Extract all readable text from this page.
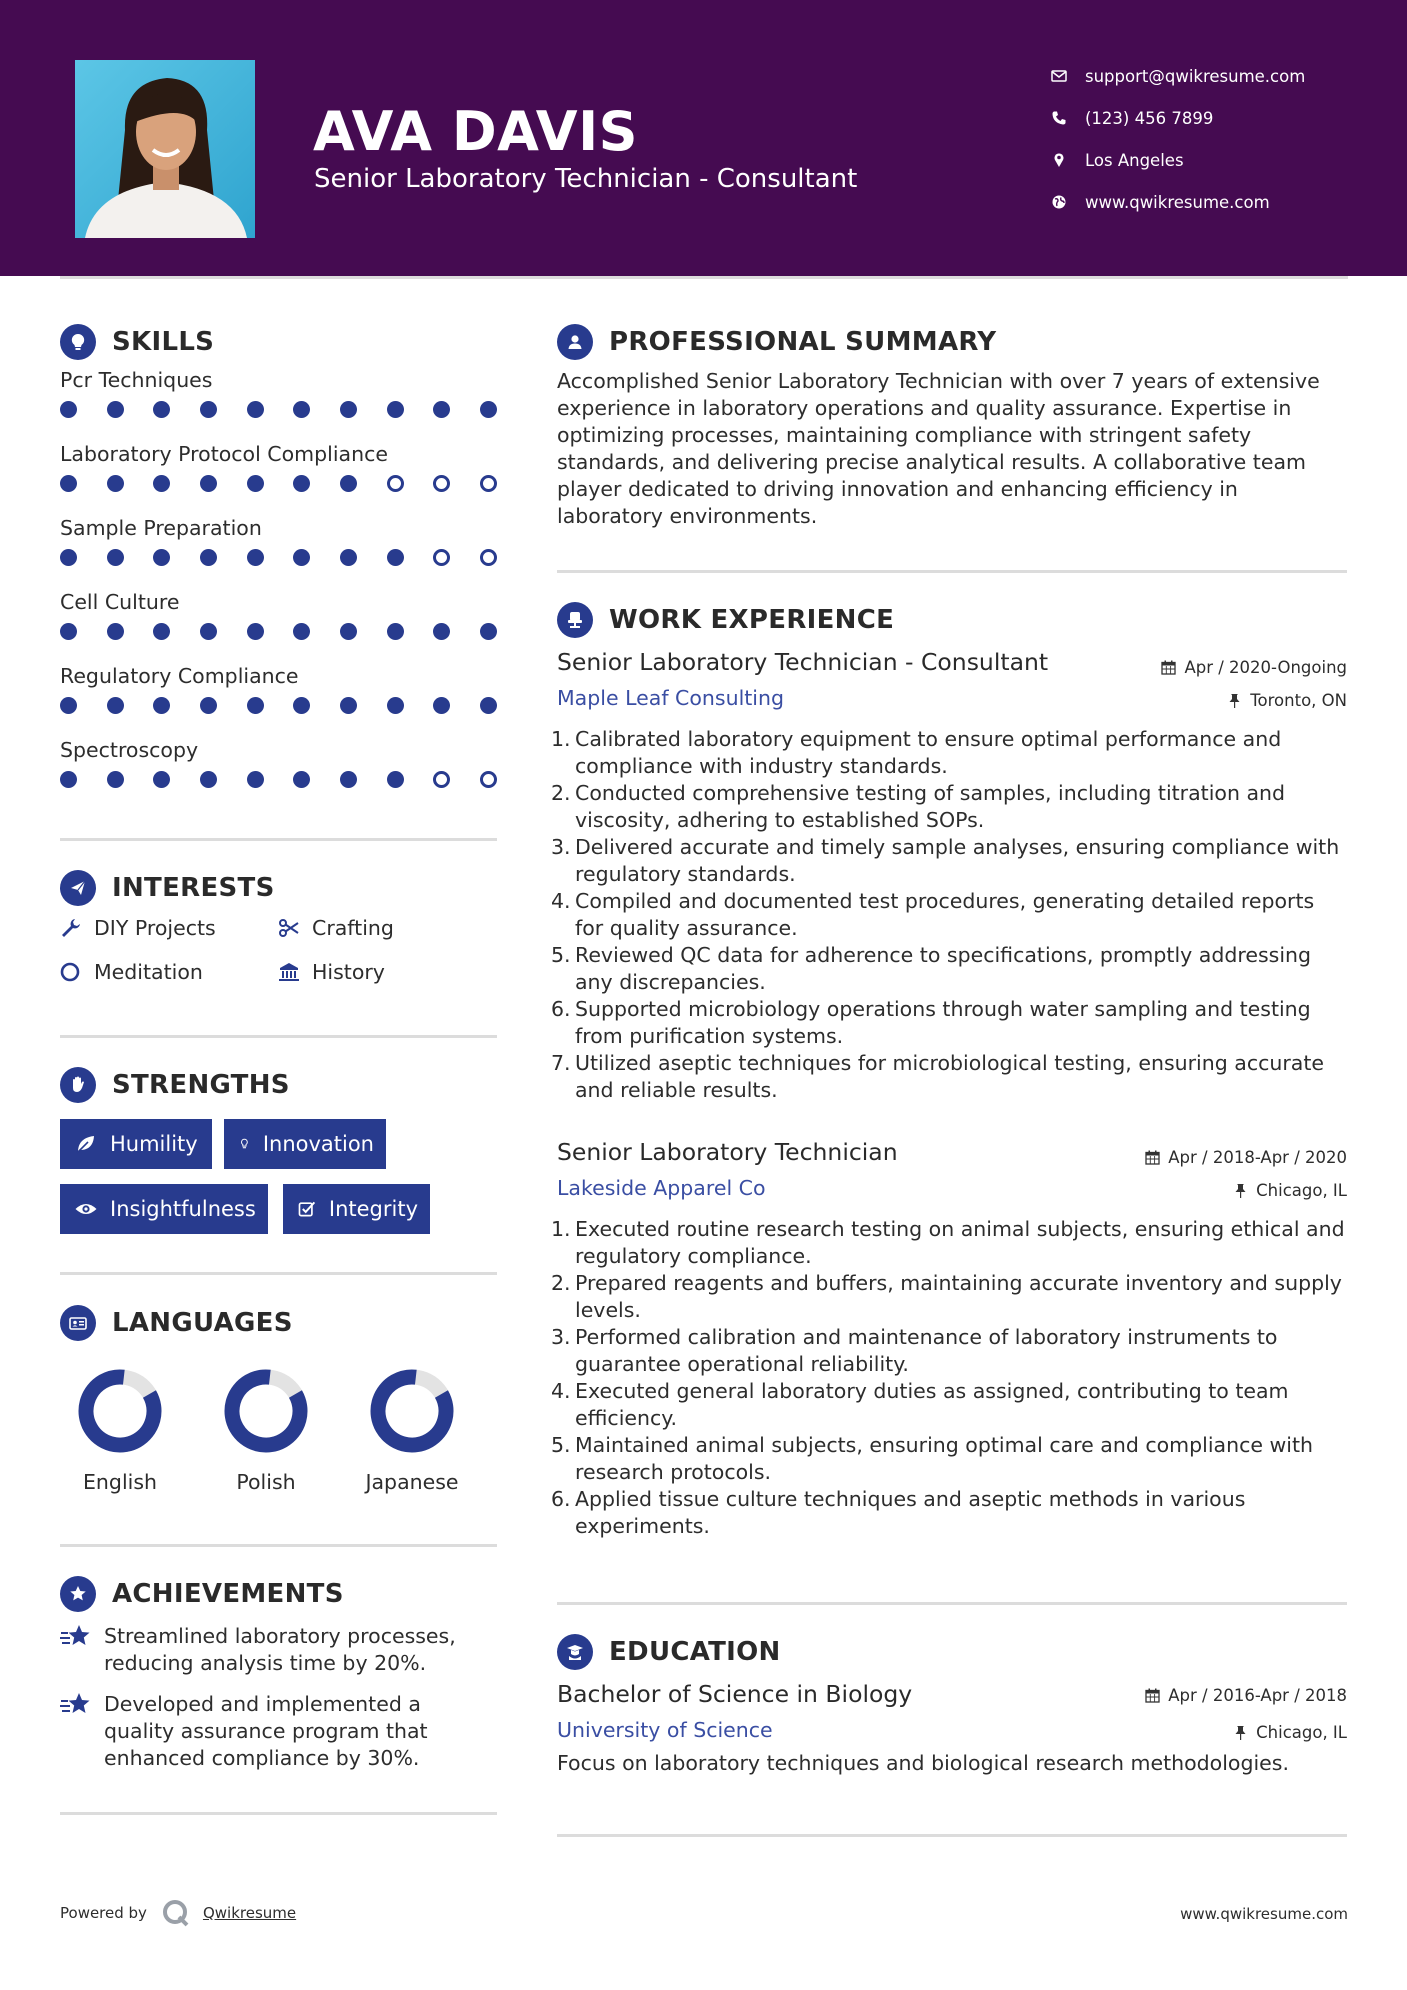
AVA DAVIS
Senior Laboratory Technician - Consultant
support@qwikresume.com
(123) 456 7899
Los Angeles
www.qwikresume.com
SKILLS
Pcr Techniques
Laboratory Protocol Compliance
Sample Preparation
Cell Culture
Regulatory Compliance
Spectroscopy
INTERESTS
DIY Projects	Crafting
Meditation	History
STRENGTHS
Humility	Innovation
Insightfulness	Integrity
LANGUAGES
English	Polish	Japanese
ACHIEVEMENTS
Streamlined laboratory processes, reducing analysis time by 20%.
Developed and implemented a quality assurance program that enhanced compliance by 30%.
PROFESSIONAL SUMMARY
Accomplished Senior Laboratory Technician with over 7 years of extensive experience in laboratory operations and quality assurance. Expertise in optimizing processes, maintaining compliance with stringent safety standards, and delivering precise analytical results. A collaborative team player dedicated to driving innovation and enhancing efficiency in laboratory environments.
WORK EXPERIENCE
Senior Laboratory Technician - Consultant	Apr / 2020-Ongoing
Maple Leaf Consulting	Toronto, ON
1. Calibrated laboratory equipment to ensure optimal performance and compliance with industry standards.
2. Conducted comprehensive testing of samples, including titration and viscosity, adhering to established SOPs.
3. Delivered accurate and timely sample analyses, ensuring compliance with regulatory standards.
4. Compiled and documented test procedures, generating detailed reports for quality assurance.
5. Reviewed QC data for adherence to specifications, promptly addressing any discrepancies.
6. Supported microbiology operations through water sampling and testing from purification systems.
7. Utilized aseptic techniques for microbiological testing, ensuring accurate and reliable results.
Senior Laboratory Technician	Apr / 2018-Apr / 2020
Lakeside Apparel Co	Chicago, IL
1. Executed routine research testing on animal subjects, ensuring ethical and regulatory compliance.
2. Prepared reagents and buffers, maintaining accurate inventory and supply levels.
3. Performed calibration and maintenance of laboratory instruments to guarantee operational reliability.
4. Executed general laboratory duties as assigned, contributing to team efficiency.
5. Maintained animal subjects, ensuring optimal care and compliance with research protocols.
6. Applied tissue culture techniques and aseptic methods in various experiments.
EDUCATION
Bachelor of Science in Biology	Apr / 2016-Apr / 2018
University of Science	Chicago, IL
Focus on laboratory techniques and biological research methodologies.
Powered by	Qwikresume	www.qwikresume.com
